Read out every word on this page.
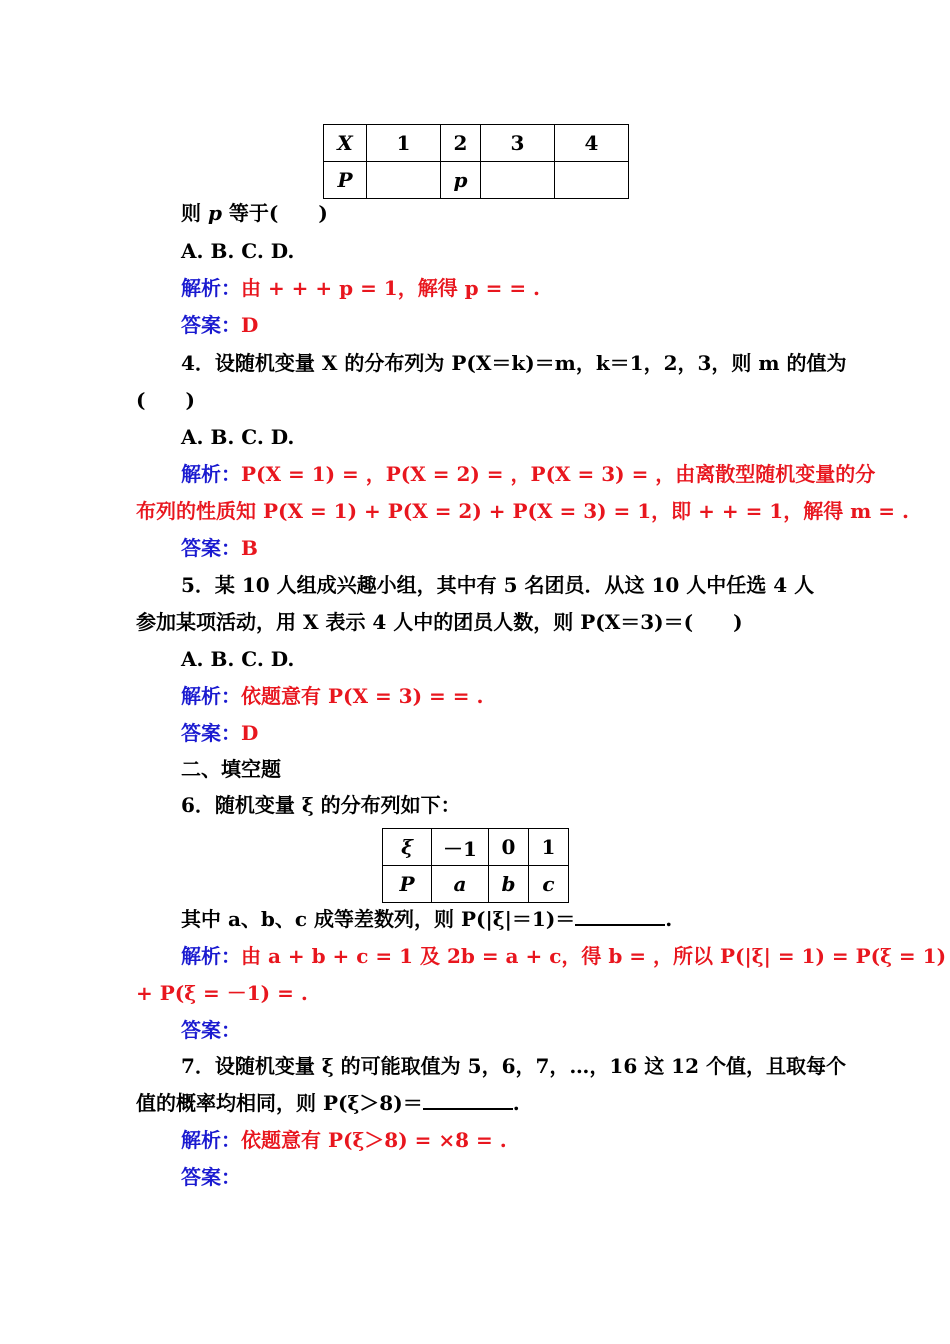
X	1	2	3	4
P		p		
则 p 等于(　　)
A. B. C. D.
解析：由 + + + p = 1，解得 p = = .
答案：D
4．设随机变量 X 的分布列为 P(X＝k)＝m，k＝1，2，3，则 m 的值为
(　　)
A. B. C. D.
解析：P(X = 1) = ，P(X = 2) = ，P(X = 3) = ，由离散型随机变量的分
布列的性质知 P(X = 1) + P(X = 2) + P(X = 3) = 1，即 + + = 1，解得 m = .
答案：B
5．某 10 人组成兴趣小组，其中有 5 名团员．从这 10 人中任选 4 人
参加某项活动，用 X 表示 4 人中的团员人数，则 P(X＝3)＝(　　)
A. B. C. D.
解析：依题意有 P(X = 3) = = .
答案：D
二、填空题
6．随机变量 ξ 的分布列如下：
ξ	－1	0	1
P	a	b	c
其中 a、b、c 成等差数列，则 P(|ξ|＝1)＝	.
解析：由 a + b + c = 1 及 2b = a + c，得 b = ，所以 P(|ξ| = 1) = P(ξ = 1)
+ P(ξ = －1) = .
答案：
7．设随机变量 ξ 的可能取值为 5，6，7，…，16 这 12 个值，且取每个
值的概率均相同，则 P(ξ＞8)＝	.
解析：依题意有 P(ξ＞8) = ×8 = .
答案：
